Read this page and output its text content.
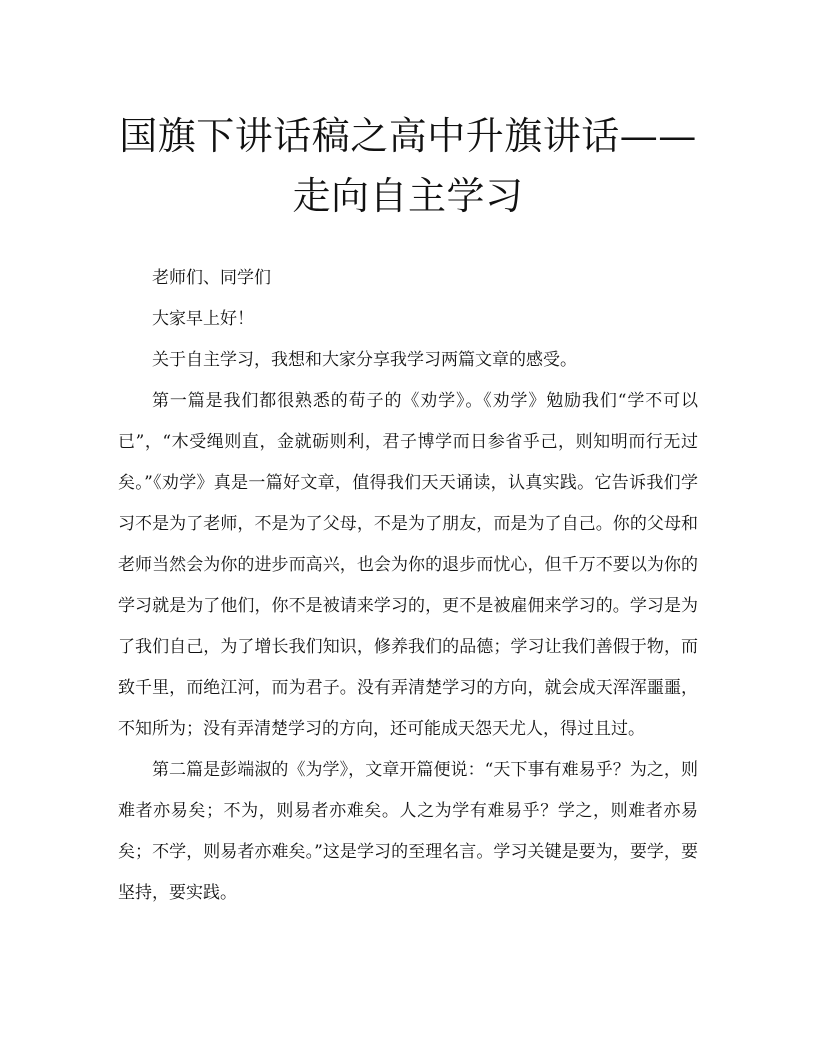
国旗下讲话稿之高中升旗讲话——走向自主学习

老师们、同学们

大家早上好！

关于自主学习，我想和大家分享我学习两篇文章的感受。

第一篇是我们都很熟悉的荀子的《劝学》。《劝学》勉励我们“学不可以已”，“木受绳则直，金就砺则利，君子博学而日参省乎己，则知明而行无过矣。”《劝学》真是一篇好文章，值得我们天天诵读，认真实践。它告诉我们学习不是为了老师，不是为了父母，不是为了朋友，而是为了自己。你的父母和老师当然会为你的进步而高兴，也会为你的退步而忧心，但千万不要以为你的学习就是为了他们，你不是被请来学习的，更不是被雇佣来学习的。学习是为了我们自己，为了增长我们知识，修养我们的品德；学习让我们善假于物，而致千里，而绝江河，而为君子。没有弄清楚学习的方向，就会成天浑浑噩噩，不知所为；没有弄清楚学习的方向，还可能成天怨天尤人，得过且过。

第二篇是彭端淑的《为学》，文章开篇便说：“天下事有难易乎？为之，则难者亦易矣；不为，则易者亦难矣。人之为学有难易乎？学之，则难者亦易矣；不学，则易者亦难矣。”这是学习的至理名言。学习关键是要为，要学，要坚持，要实践。
